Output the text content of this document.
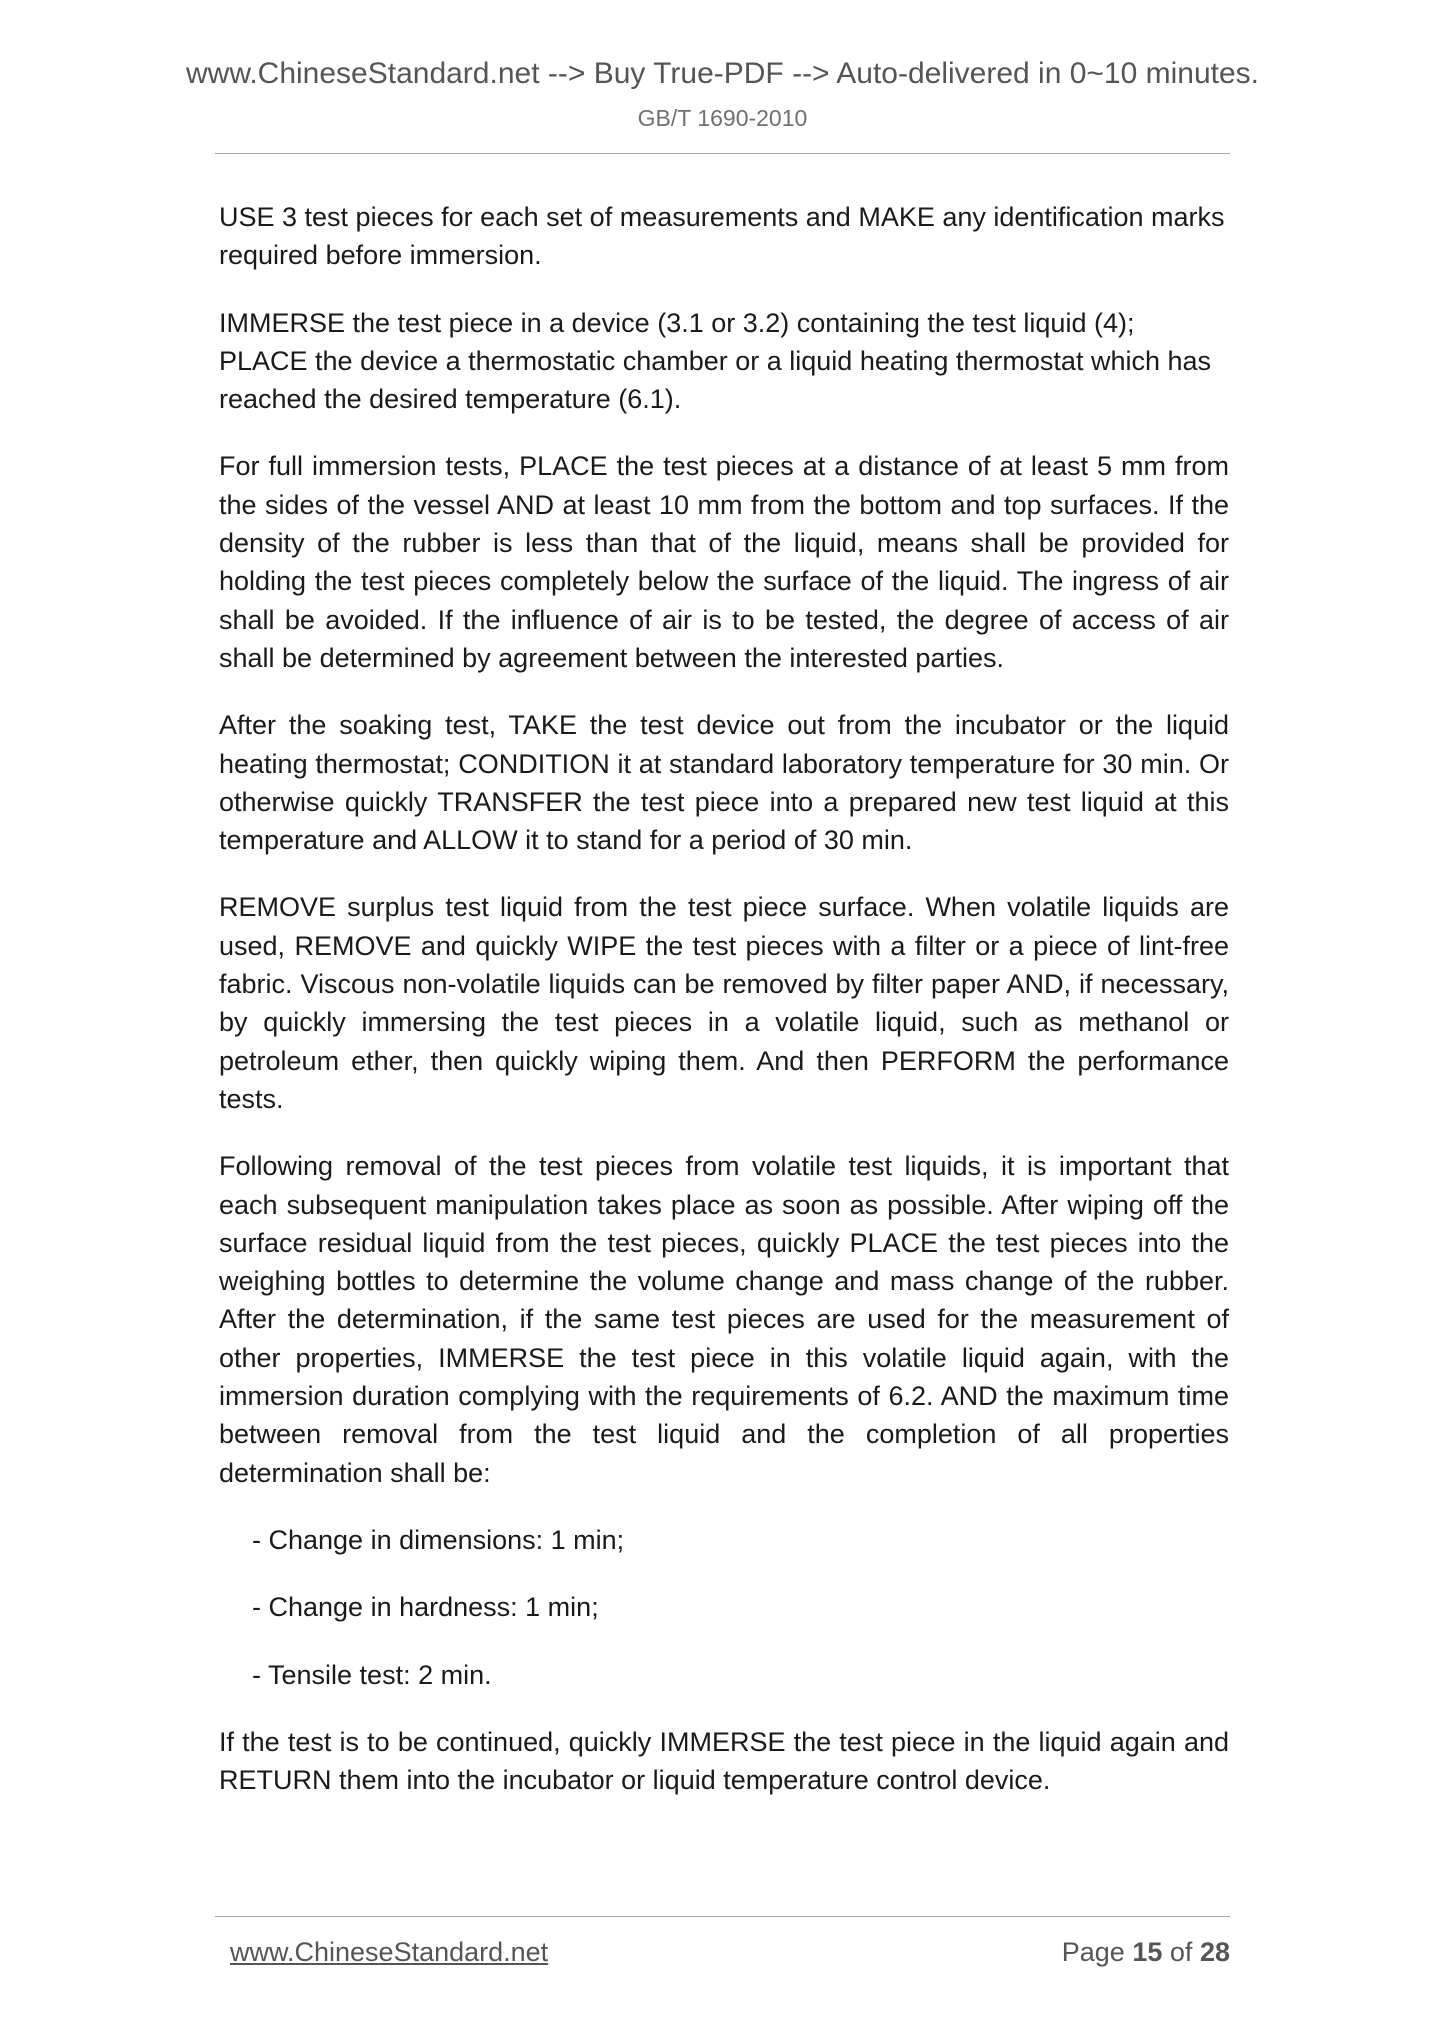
www.ChineseStandard.net --> Buy True-PDF --> Auto-delivered in 0~10 minutes.
GB/T 1690-2010

USE 3 test pieces for each set of measurements and MAKE any identification marks required before immersion.

IMMERSE the test piece in a device (3.1 or 3.2) containing the test liquid (4); PLACE the device a thermostatic chamber or a liquid heating thermostat which has reached the desired temperature (6.1).

For full immersion tests, PLACE the test pieces at a distance of at least 5 mm from the sides of the vessel AND at least 10 mm from the bottom and top surfaces. If the density of the rubber is less than that of the liquid, means shall be provided for holding the test pieces completely below the surface of the liquid. The ingress of air shall be avoided. If the influence of air is to be tested, the degree of access of air shall be determined by agreement between the interested parties.

After the soaking test, TAKE the test device out from the incubator or the liquid heating thermostat; CONDITION it at standard laboratory temperature for 30 min. Or otherwise quickly TRANSFER the test piece into a prepared new test liquid at this temperature and ALLOW it to stand for a period of 30 min.

REMOVE surplus test liquid from the test piece surface. When volatile liquids are used, REMOVE and quickly WIPE the test pieces with a filter or a piece of lint-free fabric. Viscous non-volatile liquids can be removed by filter paper AND, if necessary, by quickly immersing the test pieces in a volatile liquid, such as methanol or petroleum ether, then quickly wiping them. And then PERFORM the performance tests.

Following removal of the test pieces from volatile test liquids, it is important that each subsequent manipulation takes place as soon as possible. After wiping off the surface residual liquid from the test pieces, quickly PLACE the test pieces into the weighing bottles to determine the volume change and mass change of the rubber. After the determination, if the same test pieces are used for the measurement of other properties, IMMERSE the test piece in this volatile liquid again, with the immersion duration complying with the requirements of 6.2. AND the maximum time between removal from the test liquid and the completion of all properties determination shall be:

- Change in dimensions: 1 min;
- Change in hardness: 1 min;
- Tensile test: 2 min.

If the test is to be continued, quickly IMMERSE the test piece in the liquid again and RETURN them into the incubator or liquid temperature control device.

www.ChineseStandard.net	Page 15 of 28
